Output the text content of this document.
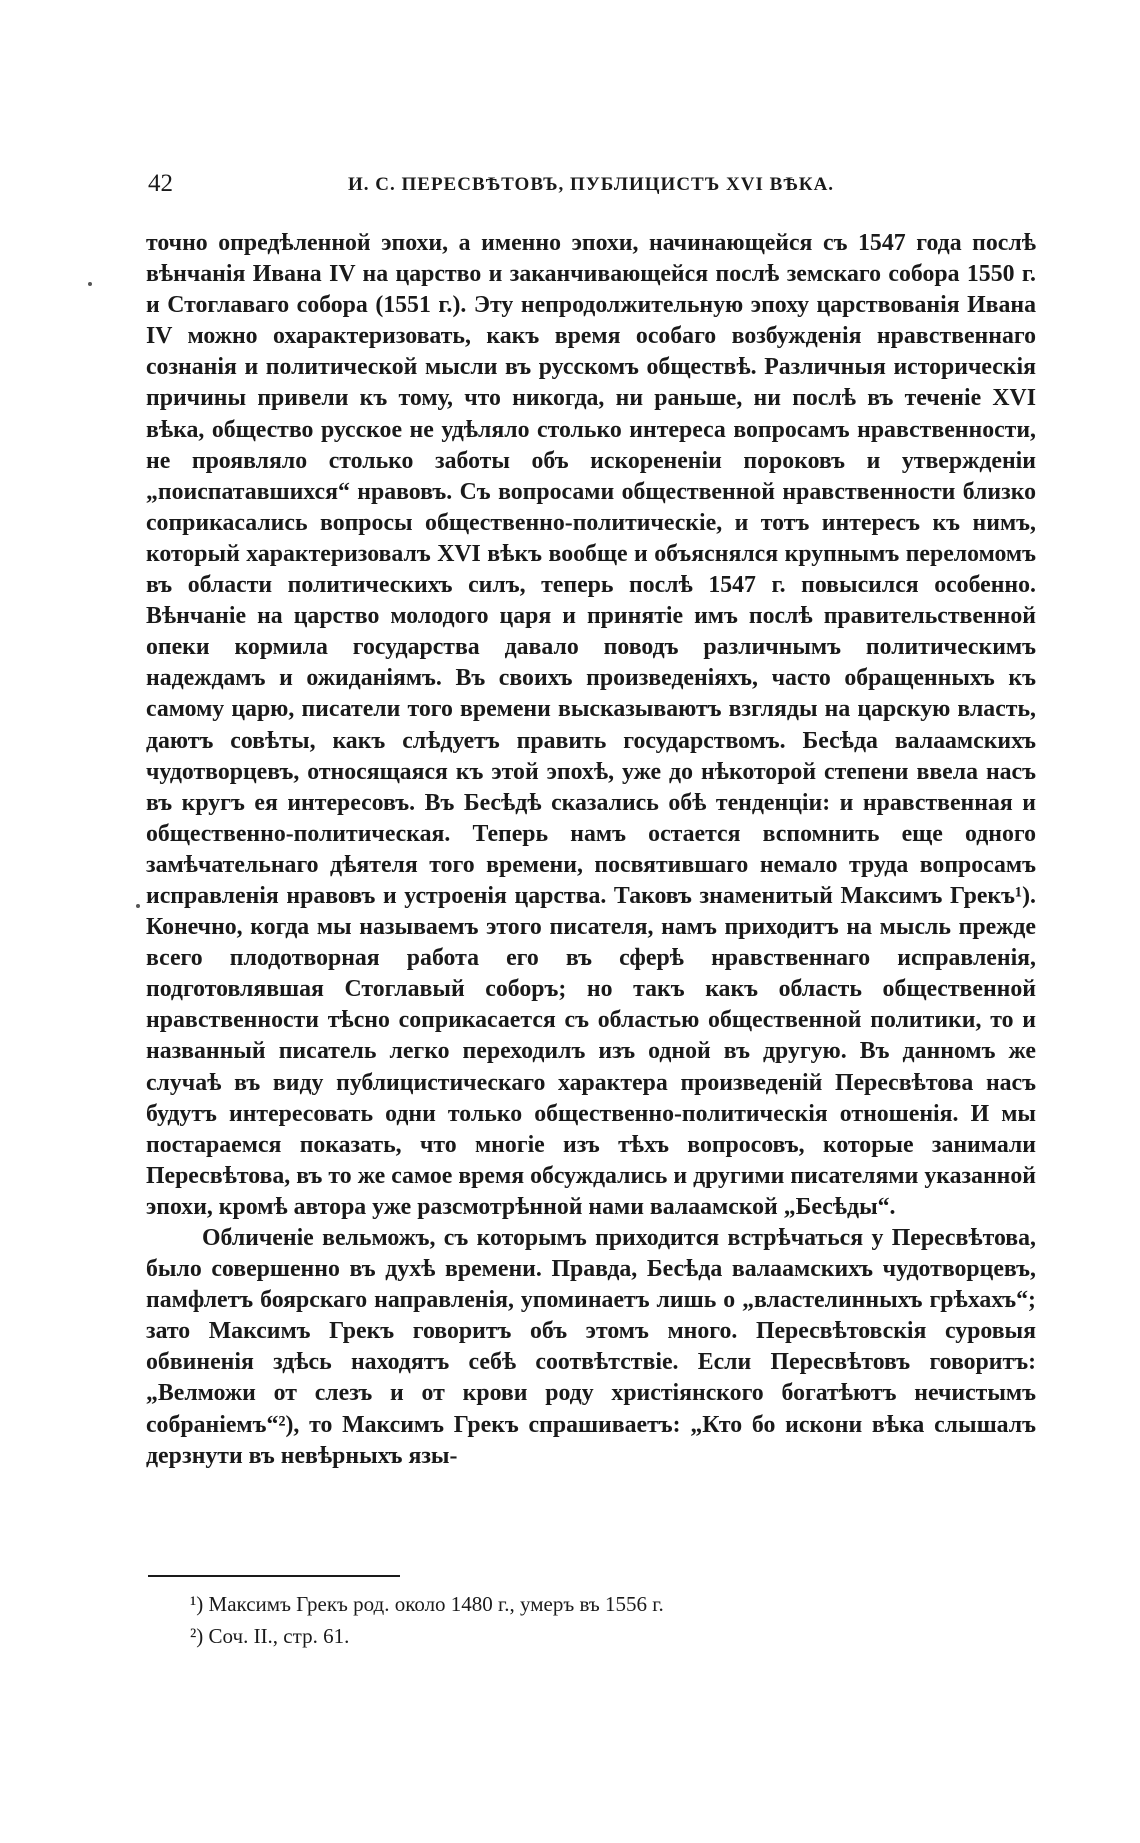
42	И. С. ПЕРЕСВѢТОВЪ, ПУБЛИЦИСТЪ XVI ВѢКА.

точно опредѣленной эпохи, а именно эпохи, начинающейся съ 1547 года послѣ вѣнчанія Ивана IV на царство и заканчивающейся послѣ земскаго собора 1550 г. и Стоглаваго собора (1551 г.). Эту непродолжительную эпоху царствованія Ивана IV можно охарактеризовать, какъ время особаго возбужденія нравственнаго сознанія и политической мысли въ русскомъ обществѣ. Различныя историческія причины привели къ тому, что никогда, ни раньше, ни послѣ въ теченіе XVI вѣка, общество русское не удѣляло столько интереса вопросамъ нравственности, не проявляло столько заботы объ искорененіи пороковъ и утвержденіи „поиспатавшихся“ нравовъ. Съ вопросами общественной нравственности близко соприкасались вопросы общественно-политическіе, и тотъ интересъ къ нимъ, который характеризовалъ XVI вѣкъ вообще и объяснялся крупнымъ переломомъ въ области политическихъ силъ, теперь послѣ 1547 г. повысился особенно. Вѣнчаніе на царство молодого царя и принятіе имъ послѣ правительственной опеки кормила государства давало поводъ различнымъ политическимъ надеждамъ и ожиданіямъ. Въ своихъ произведеніяхъ, часто обращенныхъ къ самому царю, писатели того времени высказываютъ взгляды на царскую власть, даютъ совѣты, какъ слѣдуетъ править государствомъ. Бесѣда валаамскихъ чудотворцевъ, относящаяся къ этой эпохѣ, уже до нѣкоторой степени ввела насъ въ кругъ ея интересовъ. Въ Бесѣдѣ сказались обѣ тенденціи: и нравственная и общественно-политическая. Теперь намъ остается вспомнить еще одного замѣчательнаго дѣятеля того времени, посвятившаго немало труда вопросамъ исправленія нравовъ и устроенія царства. Таковъ знаменитый Максимъ Грекъ¹). Конечно, когда мы называемъ этого писателя, намъ приходитъ на мысль прежде всего плодотворная работа его въ сферѣ нравственнаго исправленія, подготовлявшая Стоглавый соборъ; но такъ какъ область общественной нравственности тѣсно соприкасается съ областью общественной политики, то и названный писатель легко переходилъ изъ одной въ другую. Въ данномъ же случаѣ въ виду публицистическаго характера произведеній Пересвѣтова насъ будутъ интересовать одни только общественно-политическія отношенія. И мы постараемся показать, что многіе изъ тѣхъ вопросовъ, которые занимали Пересвѣтова, въ то же самое время обсуждались и другими писателями указанной эпохи, кромѣ автора уже разсмотрѣнной нами валаамской „Бесѣды“.

Обличеніе вельможъ, съ которымъ приходится встрѣчаться у Пересвѣтова, было совершенно въ духѣ времени. Правда, Бесѣда валаамскихъ чудотворцевъ, памфлетъ боярскаго направленія, упоминаетъ лишь о „властелинныхъ грѣхахъ“; зато Максимъ Грекъ говоритъ объ этомъ много. Пересвѣтовскія суровыя обвиненія здѣсь находятъ себѣ соотвѣтствіе. Если Пересвѣтовъ говоритъ: „Велможи от слезъ и от крови роду христіянского богатѣютъ нечистымъ собраніемъ“²), то Максимъ Грекъ спрашиваетъ: „Кто бо искони вѣка слышалъ дерзнути въ невѣрныхъ язы-

¹) Максимъ Грекъ род. около 1480 г., умеръ въ 1556 г.
²) Соч. II., стр. 61.
